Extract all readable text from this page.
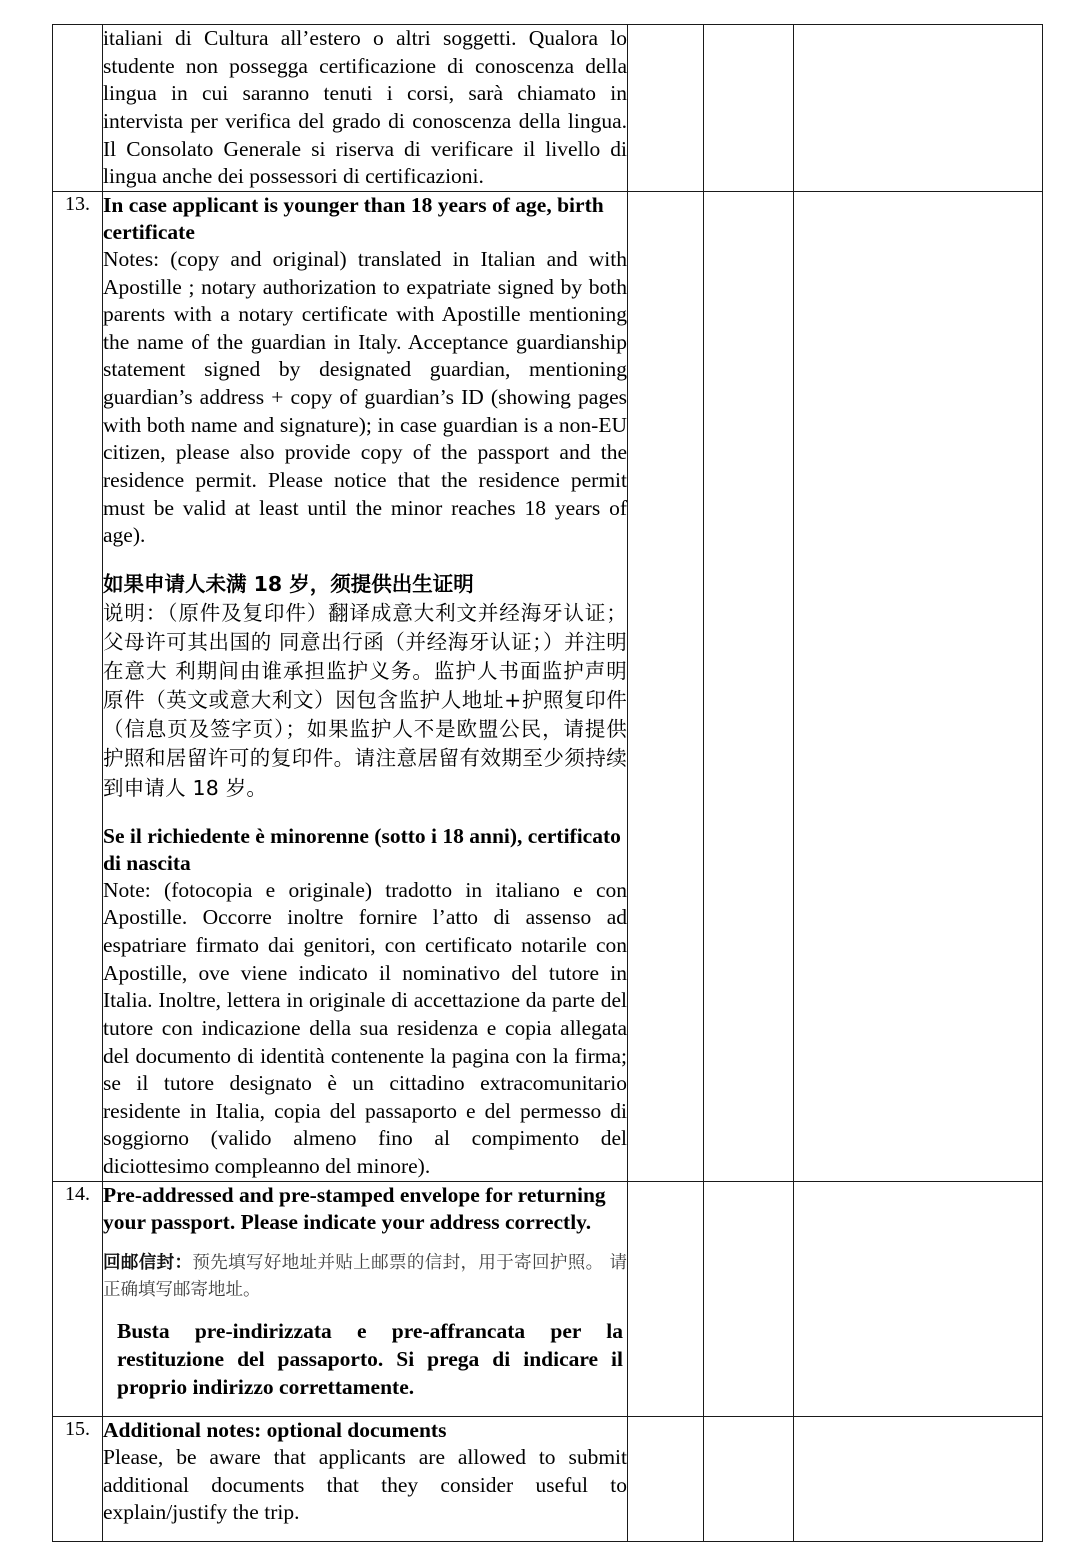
	italiani di Cultura all’estero o altri soggetti. Qualora lo studente non possegga certificazione di conoscenza della lingua in cui saranno tenuti i corsi, sarà chiamato in intervista per verifica del grado di conoscenza della lingua. Il Consolato Generale si riserva di verificare il livello di lingua anche dei possessori di certificazioni.			

13.	In case applicant is younger than 18 years of age, birth certificate

Notes: (copy and original) translated in Italian and with Apostille ; notary authorization to expatriate signed by both parents with a notary certificate with Apostille mentioning the name of the guardian in Italy. Acceptance guardianship statement signed by designated guardian, mentioning guardian’s address + copy of guardian’s ID (showing pages with both name and signature); in case guardian is a non-EU citizen, please also provide copy of the passport and the residence permit. Please notice that the residence permit must be valid at least until the minor reaches 18 years of age).

如果申请人未满 18 岁，须提供出生证明

说明：（原件及复印件）翻译成意大利文并经海牙认证；父母许可其出国的 同意出行函（并经海牙认证；）并注明在意大 利期间由谁承担监护义务。监护人书面监护声明原件（英文或意大利文）因包含监护人地址+护照复印件（信息页及签字页）；如果监护人不是欧盟公民，请提供护照和居留许可的复印件。请注意居留有效期至少须持续到申请人 18 岁。

Se il richiedente è minorenne (sotto i 18 anni), certificato di nascita

Note: (fotocopia e originale) tradotto in italiano e con Apostille. Occorre inoltre fornire l’atto di assenso ad espatriare firmato dai genitori, con certificato notarile con Apostille, ove viene indicato il nominativo del tutore in Italia. Inoltre, lettera in originale di accettazione da parte del tutore con indicazione della sua residenza e copia allegata del documento di identità contenente la pagina con la firma; se il tutore designato è un cittadino extracomunitario residente in Italia, copia del passaporto e del permesso di soggiorno (valido almeno fino al compimento del diciottesimo compleanno del minore).

14.	Pre-addressed and pre-stamped envelope for returning your passport. Please indicate your address correctly.

回邮信封：预先填写好地址并贴上邮票的信封，用于寄回护照。 请正确填写邮寄地址。

Busta pre-indirizzata e pre-affrancata per la restituzione del passaporto. Si prega di indicare il proprio indirizzo correttamente.			

15.	Additional notes: optional documents

Please, be aware that applicants are allowed to submit additional documents that they consider useful to explain/justify the trip.			
